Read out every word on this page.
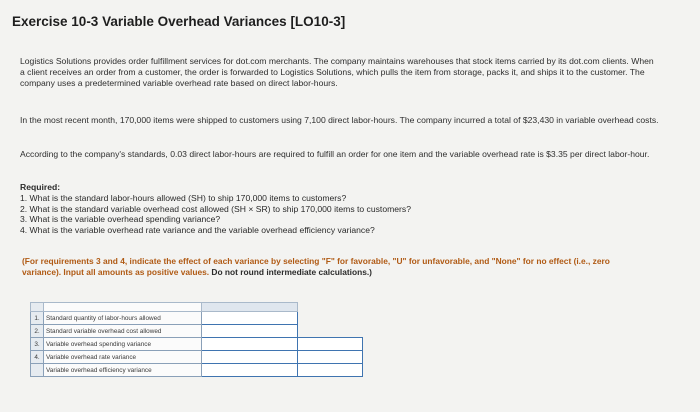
Exercise 10-3 Variable Overhead Variances [LO10-3]
Logistics Solutions provides order fulfillment services for dot.com merchants. The company maintains warehouses that stock items carried by its dot.com clients. When a client receives an order from a customer, the order is forwarded to Logistics Solutions, which pulls the item from storage, packs it, and ships it to the customer. The company uses a predetermined variable overhead rate based on direct labor-hours.
In the most recent month, 170,000 items were shipped to customers using 7,100 direct labor-hours. The company incurred a total of $23,430 in variable overhead costs.
According to the company's standards, 0.03 direct labor-hours are required to fulfill an order for one item and the variable overhead rate is $3.35 per direct labor-hour.
Required:
1. What is the standard labor-hours allowed (SH) to ship 170,000 items to customers?
2. What is the standard variable overhead cost allowed (SH × SR) to ship 170,000 items to customers?
3. What is the variable overhead spending variance?
4. What is the variable overhead rate variance and the variable overhead efficiency variance?
(For requirements 3 and 4, indicate the effect of each variance by selecting "F" for favorable, "U" for unfavorable, and "None" for no effect (i.e., zero variance). Input all amounts as positive values. Do not round intermediate calculations.)

1.	Standard quantity of labor-hours allowed		
2.	Standard variable overhead cost allowed		
3.	Variable overhead spending variance		
4.	Variable overhead rate variance		
	Variable overhead efficiency variance		
